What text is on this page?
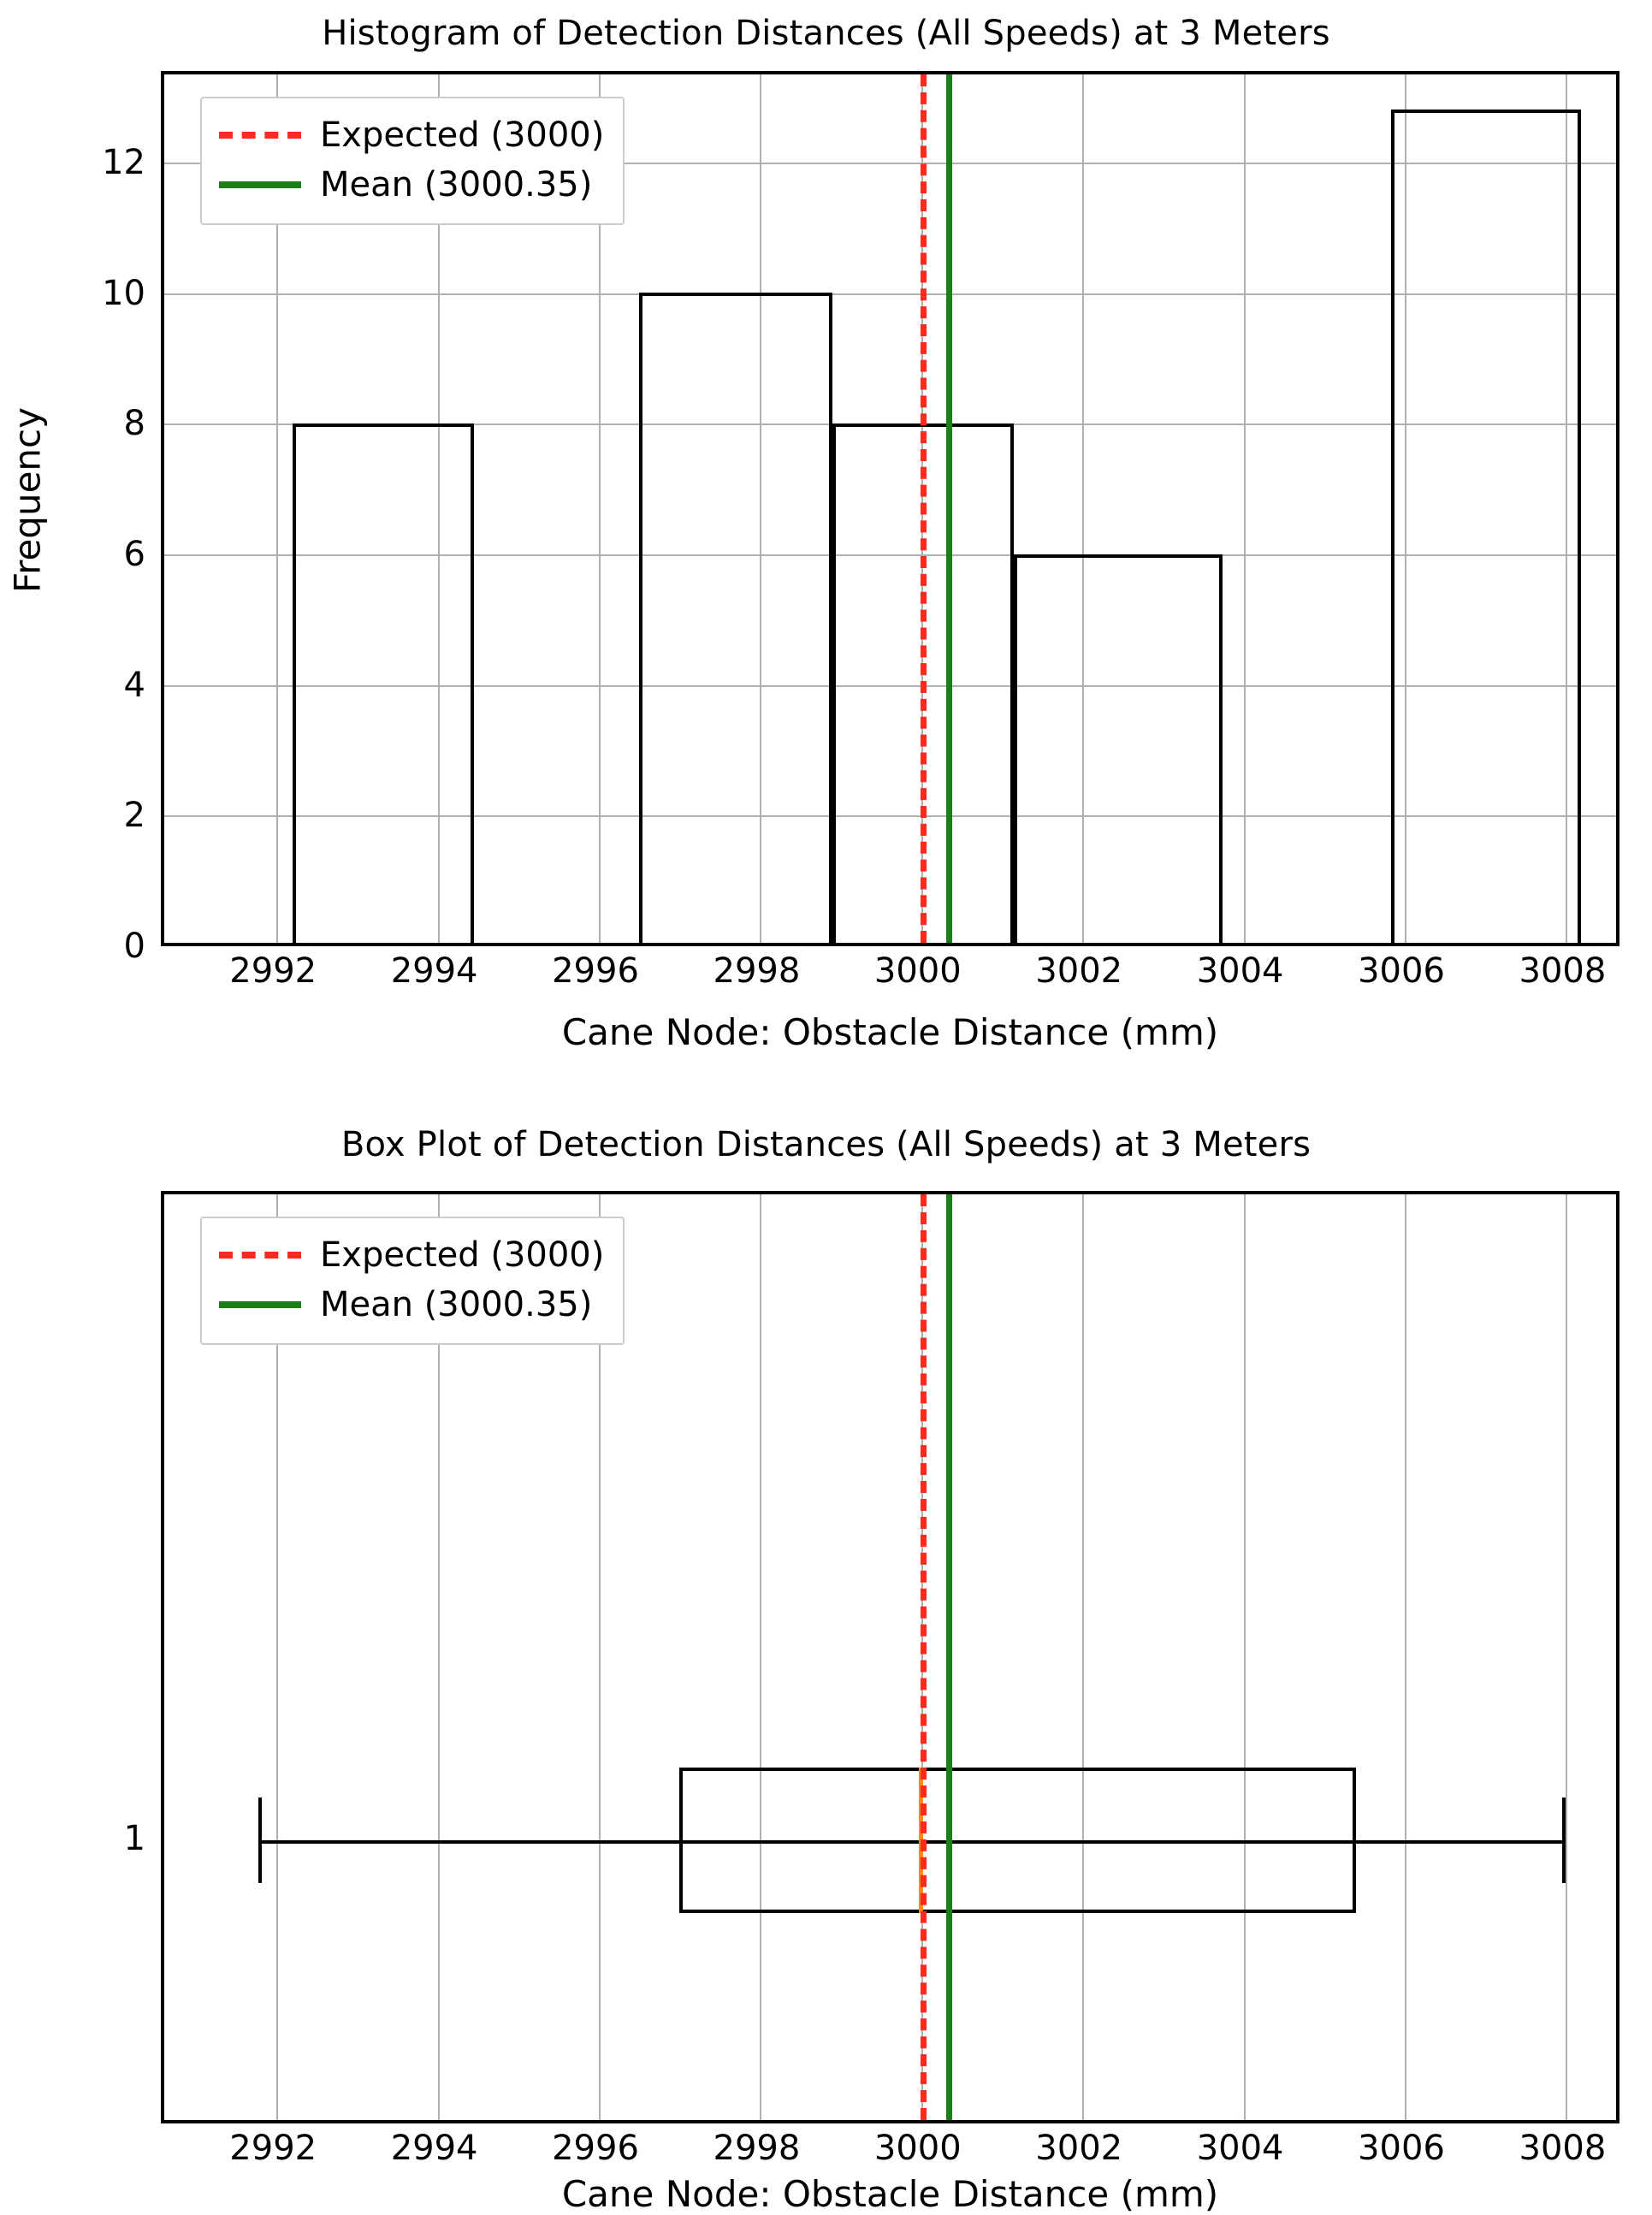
Histogram of Detection Distances (All Speeds) at 3 Meters
Frequency
0
2
4
6
8
10
12
Expected (3000)
Mean (3000.35)
2992 2994 2996 2998 3000 3002 3004 3006 3008
Cane Node: Obstacle Distance (mm)
Box Plot of Detection Distances (All Speeds) at 3 Meters
1
Expected (3000)
Mean (3000.35)
2992 2994 2996 2998 3000 3002 3004 3006 3008
Cane Node: Obstacle Distance (mm)
